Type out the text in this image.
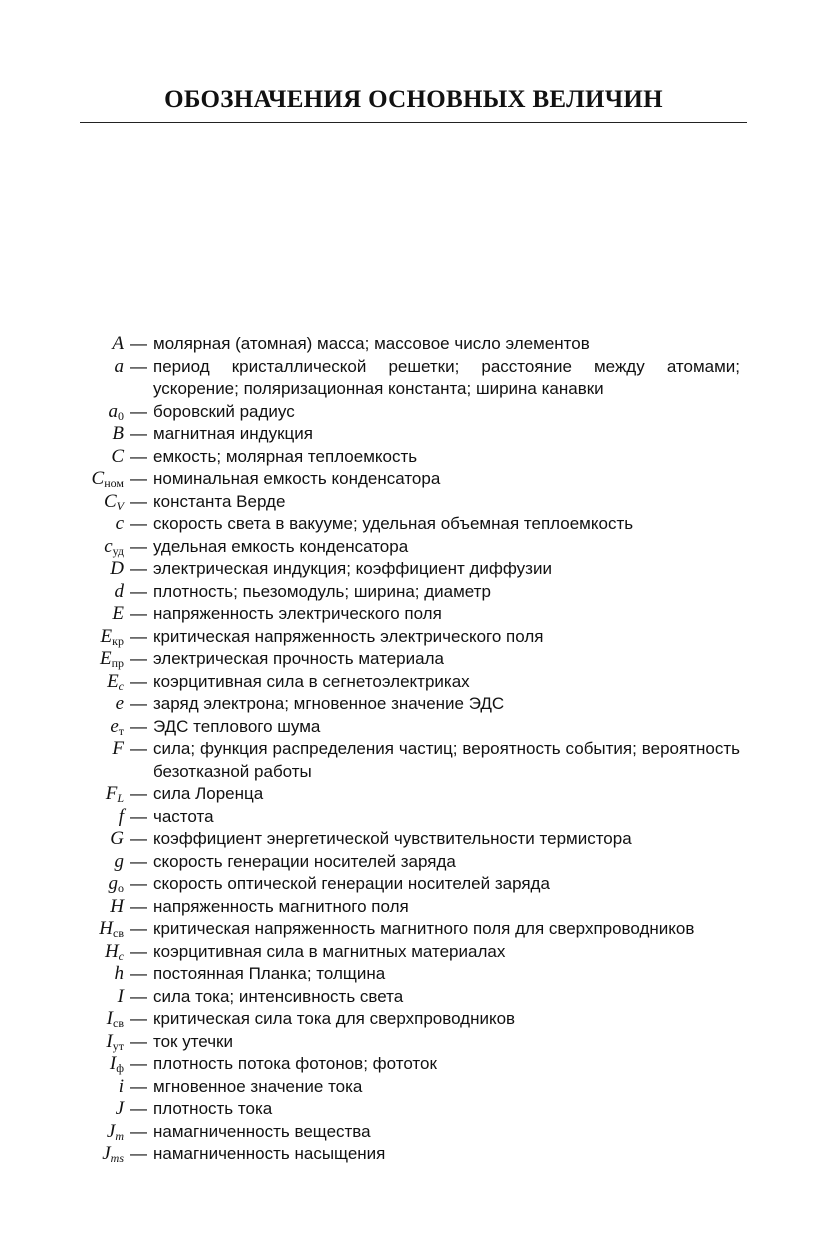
ОБОЗНАЧЕНИЯ ОСНОВНЫХ ВЕЛИЧИН
A — молярная (атомная) масса; массовое число элементов
a — период кристаллической решетки; расстояние между атомами; ускорение; поляризационная константа; ширина канавки
$a_0$ — боровский радиус
B — магнитная индукция
C — емкость; молярная теплоемкость
$C_{ном}$ — номинальная емкость конденсатора
$C_V$ — константа Верде
c — скорость света в вакууме; удельная объемная теплоемкость
$c_{уд}$ — удельная емкость конденсатора
D — электрическая индукция; коэффициент диффузии
d — плотность; пьезомодуль; ширина; диаметр
E — напряженность электрического поля
$E_{кр}$ — критическая напряженность электрического поля
$E_{пр}$ — электрическая прочность материала
$E_c$ — коэрцитивная сила в сегнетоэлектриках
e — заряд электрона; мгновенное значение ЭДС
$e_т$ — ЭДС теплового шума
F — сила; функция распределения частиц; вероятность события; вероятность безотказной работы
$F_L$ — сила Лоренца
f — частота
G — коэффициент энергетической чувствительности термистора
g — скорость генерации носителей заряда
$g_о$ — скорость оптической генерации носителей заряда
H — напряженность магнитного поля
$H_{св}$ — критическая напряженность магнитного поля для сверхпроводников
$H_c$ — коэрцитивная сила в магнитных материалах
h — постоянная Планка; толщина
I — сила тока; интенсивность света
$I_{св}$ — критическая сила тока для сверхпроводников
$I_{ут}$ — ток утечки
$I_ф$ — плотность потока фотонов; фототок
i — мгновенное значение тока
J — плотность тока
$J_m$ — намагниченность вещества
$J_{ms}$ — намагниченность насыщения
